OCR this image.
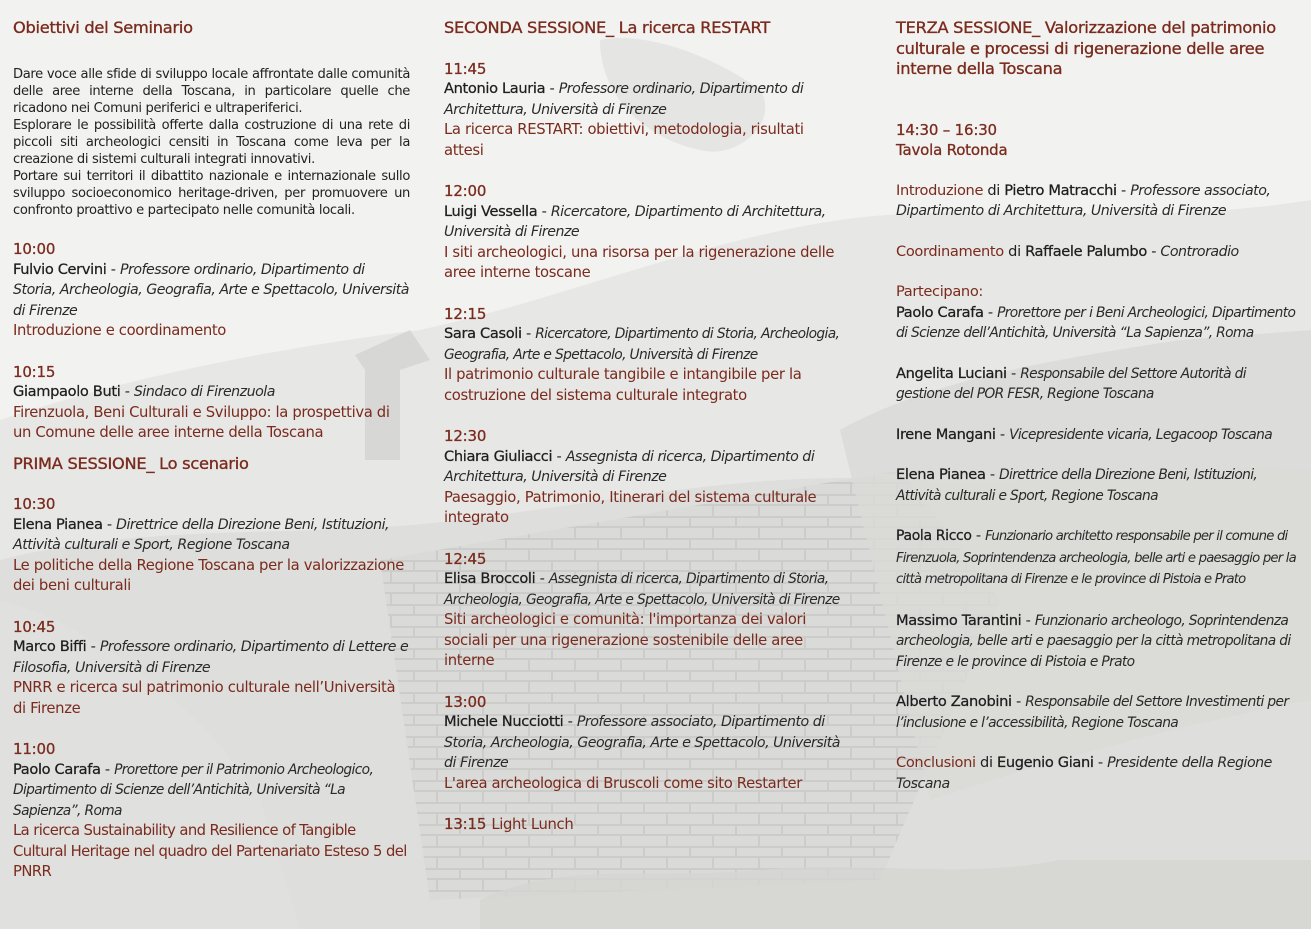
Obiettivi del Seminario

Dare voce alle sfide di sviluppo locale affrontate dalle comunità delle aree interne della Toscana, in particolare quelle che ricadono nei Comuni periferici e ultraperiferici.

Esplorare le possibilità offerte dalla costruzione di una rete di piccoli siti archeologici censiti in Toscana come leva per la creazione di sistemi culturali integrati innovativi.

Portare sui territori il dibattito nazionale e internazionale sullo sviluppo socioeconomico heritage-driven, per promuovere un confronto proattivo e partecipato nelle comunità locali.

10:00
Fulvio Cervini - Professore ordinario, Dipartimento di Storia, Archeologia, Geografia, Arte e Spettacolo, Università di Firenze
Introduzione e coordinamento
10:15
Giampaolo Buti - Sindaco di Firenzuola
Firenzuola, Beni Culturali e Sviluppo: la prospettiva di un Comune delle aree interne della Toscana
PRIMA SESSIONE_ Lo scenario
10:30
Elena Pianea - Direttrice della Direzione Beni, Istituzioni, Attività culturali e Sport, Regione Toscana
Le politiche della Regione Toscana per la valorizzazione dei beni culturali
10:45
Marco Biffi - Professore ordinario, Dipartimento di Lettere e Filosofia, Università di Firenze
PNRR e ricerca sul patrimonio culturale nell’Università di Firenze
11:00
Paolo Carafa - Prorettore per il Patrimonio Archeologico, Dipartimento di Scienze dell’Antichità, Università “La Sapienza”, Roma
La ricerca Sustainability and Resilience of Tangible Cultural Heritage nel quadro del Partenariato Esteso 5 del PNRR
SECONDA SESSIONE_ La ricerca RESTART
11:45
Antonio Lauria - Professore ordinario, Dipartimento di Architettura, Università di Firenze
La ricerca RESTART: obiettivi, metodologia, risultati attesi
12:00
Luigi Vessella - Ricercatore, Dipartimento di Architettura, Università di Firenze
I siti archeologici, una risorsa per la rigenerazione delle aree interne toscane
12:15
Sara Casoli - Ricercatore, Dipartimento di Storia, Archeologia, Geografia, Arte e Spettacolo, Università di Firenze
Il patrimonio culturale tangibile e intangibile per la costruzione del sistema culturale integrato
12:30
Chiara Giuliacci - Assegnista di ricerca, Dipartimento di Architettura, Università di Firenze
Paesaggio, Patrimonio, Itinerari del sistema culturale integrato
12:45
Elisa Broccoli - Assegnista di ricerca, Dipartimento di Storia, Archeologia, Geografia, Arte e Spettacolo, Università di Firenze
Siti archeologici e comunità: l'importanza dei valori sociali per una rigenerazione sostenibile delle aree interne
13:00
Michele Nucciotti - Professore associato, Dipartimento di Storia, Archeologia, Geografia, Arte e Spettacolo, Università di Firenze
L'area archeologica di Bruscoli come sito Restarter
13:15 Light Lunch
TERZA SESSIONE_ Valorizzazione del patrimonio culturale e processi di rigenerazione delle aree interne della Toscana
14:30 – 16:30
Tavola Rotonda
Introduzione di Pietro Matracchi - Professore associato, Dipartimento di Architettura, Università di Firenze
Coordinamento di Raffaele Palumbo - Controradio
Partecipano:
Paolo Carafa - Prorettore per i Beni Archeologici, Dipartimento di Scienze dell’Antichità, Università “La Sapienza”, Roma
Angelita Luciani - Responsabile del Settore Autorità di gestione del POR FESR, Regione Toscana
Irene Mangani - Vicepresidente vicaria, Legacoop Toscana
Elena Pianea - Direttrice della Direzione Beni, Istituzioni, Attività culturali e Sport, Regione Toscana
Paola Ricco - Funzionario architetto responsabile per il comune di Firenzuola, Soprintendenza archeologia, belle arti e paesaggio per la città metropolitana di Firenze e le province di Pistoia e Prato
Massimo Tarantini - Funzionario archeologo, Soprintendenza archeologia, belle arti e paesaggio per la città metropolitana di Firenze e le province di Pistoia e Prato
Alberto Zanobini - Responsabile del Settore Investimenti per l’inclusione e l’accessibilità, Regione Toscana
Conclusioni di Eugenio Giani - Presidente della Regione Toscana
